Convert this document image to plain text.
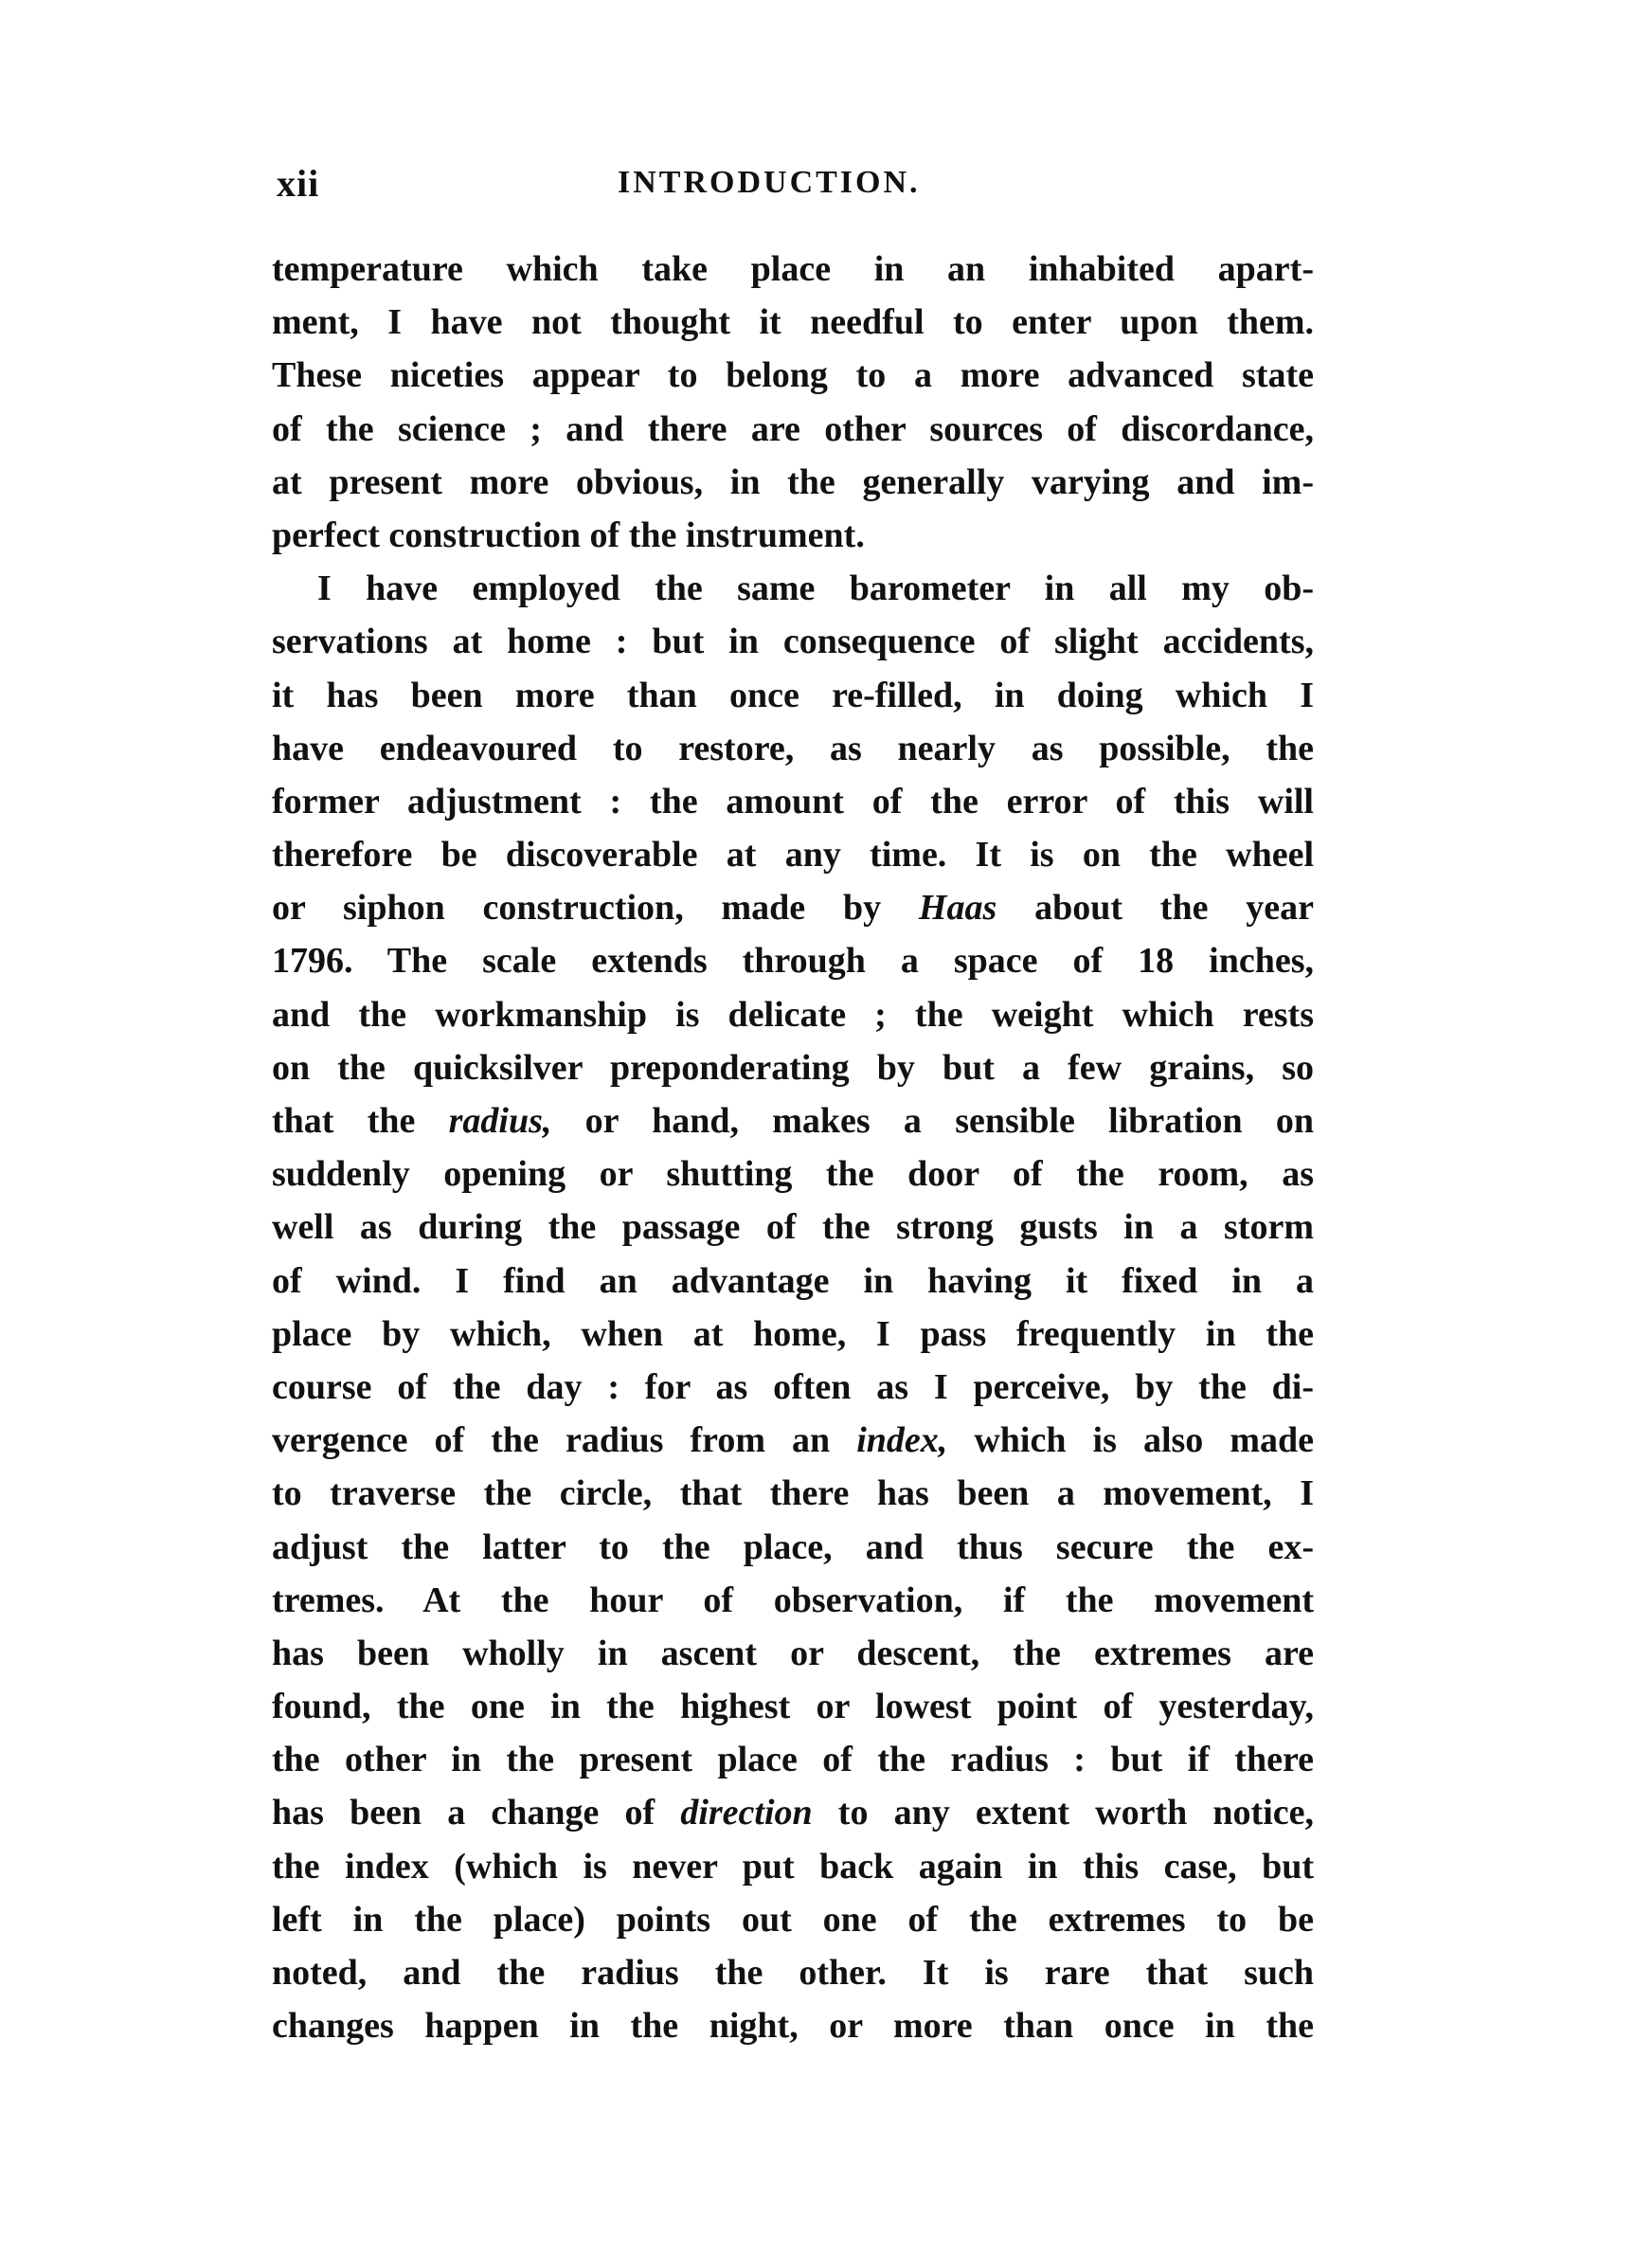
xii	INTRODUCTION.
temperature which take place in an inhabited apart-
ment, I have not thought it needful to enter upon them.
These niceties appear to belong to a more advanced state
of the science ; and there are other sources of discordance,
at present more obvious, in the generally varying and im-
perfect construction of the instrument.
I have employed the same barometer in all my ob-
servations at home : but in consequence of slight accidents,
it has been more than once re-filled, in doing which I
have endeavoured to restore, as nearly as possible, the
former adjustment : the amount of the error of this will
therefore be discoverable at any time. It is on the wheel
or siphon construction, made by Haas about the year
1796. The scale extends through a space of 18 inches,
and the workmanship is delicate ; the weight which rests
on the quicksilver preponderating by but a few grains, so
that the radius, or hand, makes a sensible libration on
suddenly opening or shutting the door of the room, as
well as during the passage of the strong gusts in a storm
of wind. I find an advantage in having it fixed in a
place by which, when at home, I pass frequently in the
course of the day : for as often as I perceive, by the di-
vergence of the radius from an index, which is also made
to traverse the circle, that there has been a movement, I
adjust the latter to the place, and thus secure the ex-
tremes. At the hour of observation, if the movement
has been wholly in ascent or descent, the extremes are
found, the one in the highest or lowest point of yesterday,
the other in the present place of the radius : but if there
has been a change of direction to any extent worth notice,
the index (which is never put back again in this case, but
left in the place) points out one of the extremes to be
noted, and the radius the other. It is rare that such
changes happen in the night, or more than once in the
